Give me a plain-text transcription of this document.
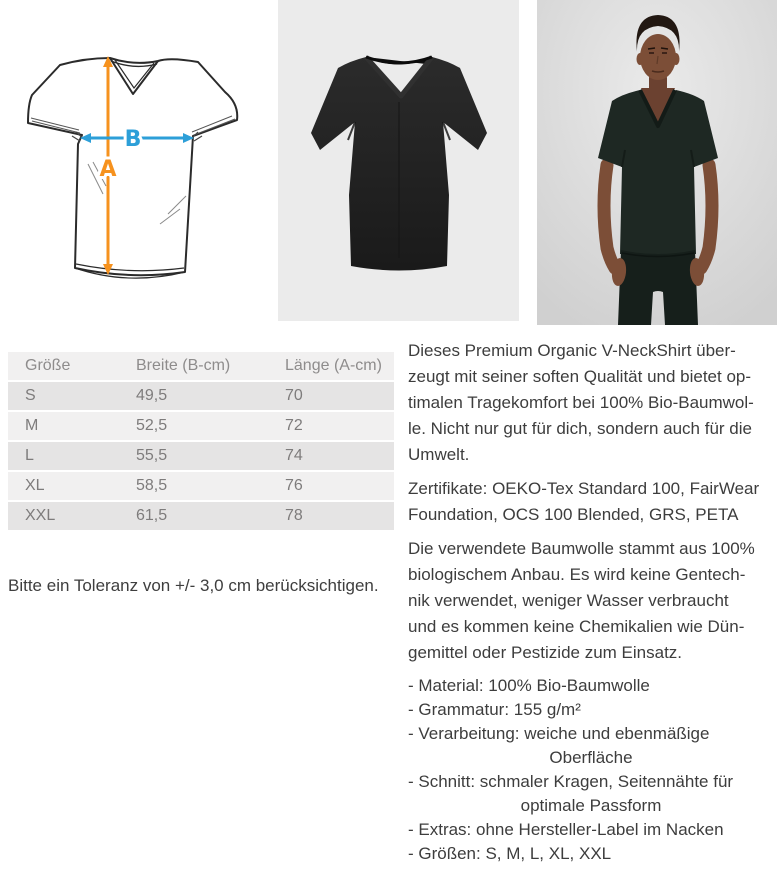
A
B
Größe	Breite (B-cm)	Länge (A-cm)
S	49,5	70
M	52,5	72
L	55,5	74
XL	58,5	76
XXL	61,5	78
Bitte ein Toleranz von +/- 3,0 cm berücksichtigen.
Dieses Premium Organic V-NeckShirt über-
zeugt mit seiner soften Qualität und bietet op-
timalen Tragekomfort bei 100% Bio-Baumwol-
le. Nicht nur gut für dich, sondern auch für die
Umwelt.
Zertifikate: OEKO-Tex Standard 100, FairWear
Foundation, OCS 100 Blended, GRS, PETA
Die verwendete Baumwolle stammt aus 100%
biologischem Anbau. Es wird keine Gentech-
nik verwendet, weniger Wasser verbraucht
und es kommen keine Chemikalien wie Dün-
gemittel oder Pestizide zum Einsatz.
- Material: 100% Bio-Baumwolle
- Grammatur: 155 g/m²
- Verarbeitung: weiche und ebenmäßige
Oberfläche
- Schnitt: schmaler Kragen, Seitennähte für
optimale Passform
- Extras: ohne Hersteller-Label im Nacken
- Größen: S, M, L, XL, XXL
